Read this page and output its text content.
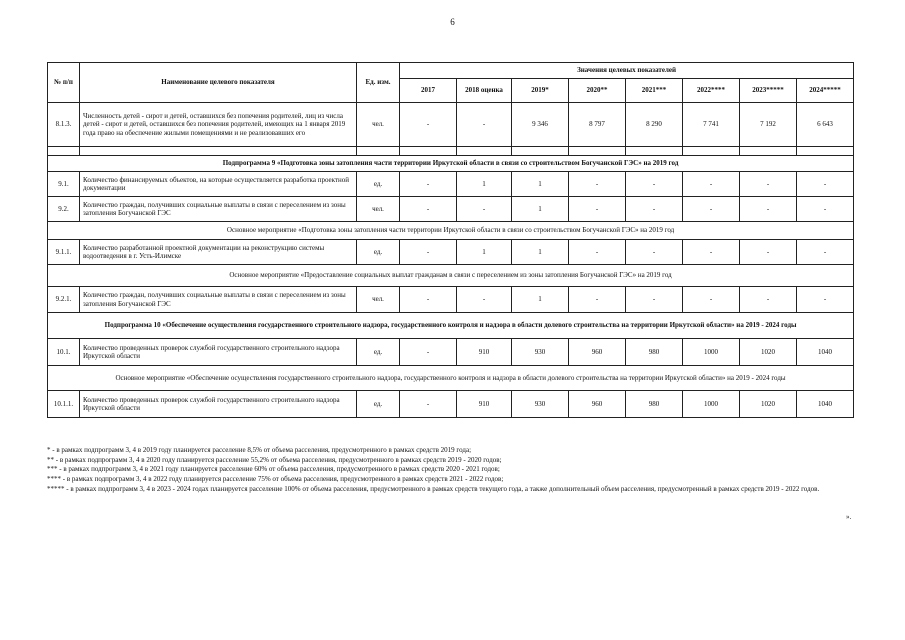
6
№ п/п	Наименование целевого показателя	Ед. изм.	Значения целевых показателей							
			2017	2018 оценка	2019*	2020**	2021***	2022****	2023*****	2024*****
8.1.3.	Численность детей - сирот и детей, оставшихся без попечения родителей, лиц из числа детей - сирот и детей, оставшихся без попечения родителей, имеющих на 1 января 2019 года право на обеспечение жилыми помещениями и не реализовавших его	чел.	-	-	9 346	8 797	8 290	7 741	7 192	6 643

Подпрограмма 9 «Подготовка зоны затопления части территории Иркутской области в связи со строительством Богучанской ГЭС» на 2019 год										
9.1.	Количество финансируемых объектов, на которые осуществляется разработка проектной документации	ед.	-	1	1	-	-	-	-	-
9.2.	Количество граждан, получивших социальные выплаты в связи с переселением из зоны затопления Богучанской ГЭС	чел.	-	-	1	-	-	-	-	-
Основное мероприятие «Подготовка зоны затопления части территории Иркутской области в связи со строительством Богучанской ГЭС» на 2019 год										
9.1.1.	Количество разработанной проектной документации на реконструкцию системы водоотведения в г. Усть-Илимске	ед.	-	1	1	-	-	-	-	-
Основное мероприятие «Предоставление социальных выплат гражданам в связи с переселением из зоны затопления Богучанской ГЭС» на 2019 год										
9.2.1.	Количество граждан, получивших социальные выплаты в связи с переселением из зоны затопления Богучанской ГЭС	чел.	-	-	1	-	-	-	-	-
Подпрограмма 10 «Обеспечение осуществления государственного строительного надзора, государственного контроля и надзора в области долевого строительства на территории Иркутской области» на 2019 - 2024 годы										
10.1.	Количество проведенных проверок службой государственного строительного надзора Иркутской области	ед.	-	910	930	960	980	1000	1020	1040
Основное мероприятие «Обеспечение осуществления государственного строительного надзора, государственного контроля и надзора в области долевого строительства на территории Иркутской области» на 2019 - 2024 годы										
10.1.1.	Количество проведенных проверок службой государственного строительного надзора Иркутской области	ед.	-	910	930	960	980	1000	1020	1040
* - в рамках подпрограмм 3, 4 в 2019 году планируется расселение 8,5% от объема расселения, предусмотренного в рамках средств 2019 года;
** - в рамках подпрограмм 3, 4 в 2020 году планируется расселение 55,2% от объема расселения, предусмотренного в рамках средств 2019 - 2020 годов;
*** - в рамках подпрограмм 3, 4 в 2021 году планируется расселение 60% от объема расселения, предусмотренного в рамках средств 2020 - 2021 годов;
**** - в рамках подпрограмм 3, 4 в 2022 году планируется расселение 75% от объема расселения, предусмотренного в рамках средств 2021 - 2022 годов;
***** - в рамках подпрограмм 3, 4 в 2023 - 2024 годах планируется расселение 100% от объема расселения, предусмотренного в рамках средств текущего года, а также дополнительный объем расселения, предусмотренный в рамках средств 2019 - 2022 годов.
».
